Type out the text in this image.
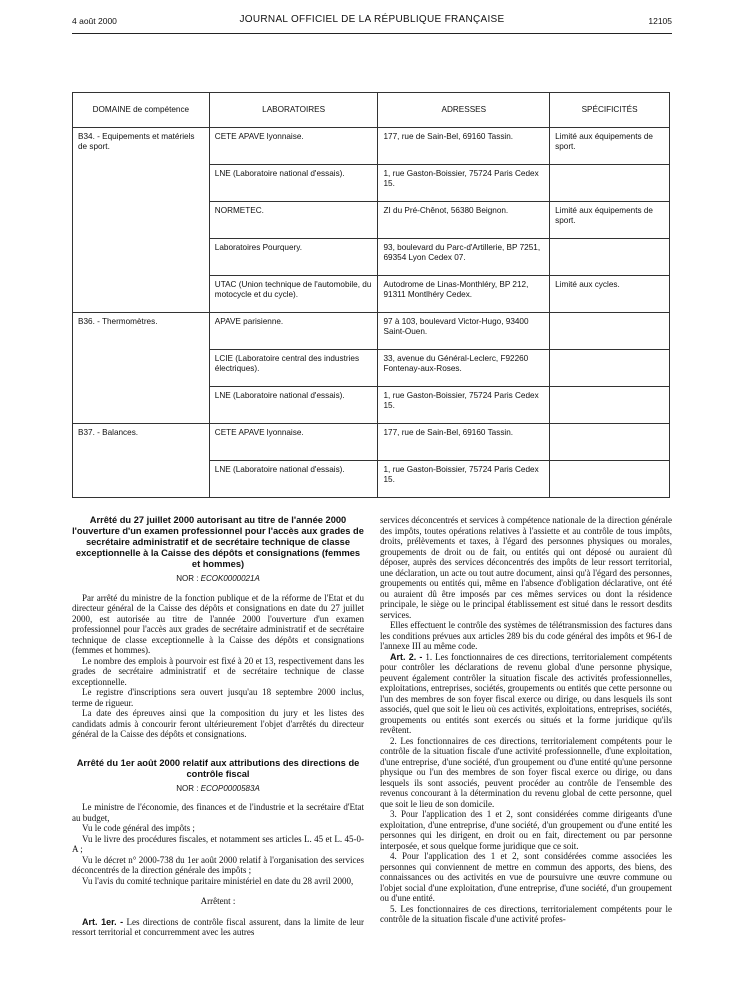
4 août 2000	JOURNAL OFFICIEL DE LA RÉPUBLIQUE FRANÇAISE	12105
DOMAINE de compétence	LABORATOIRES	ADRESSES	SPÉCIFICITÉS
B34. - Equipements et matériels de sport.	CETE APAVE lyonnaise.	177, rue de Sain-Bel, 69160 Tassin.	Limité aux équipements de sport.
	LNE (Laboratoire national d'essais).	1, rue Gaston-Boissier, 75724 Paris Cedex 15.	
	NORMETEC.	ZI du Pré-Chênot, 56380 Beignon.	Limité aux équipements de sport.
	Laboratoires Pourquery.	93, boulevard du Parc-d'Artillerie, BP 7251, 69354 Lyon Cedex 07.	
	UTAC (Union technique de l'automobile, du motocycle et du cycle).	Autodrome de Linas-Monthléry, BP 212, 91311 Montlhéry Cedex.	Limité aux cycles.
B36. - Thermomètres.	APAVE parisienne.	97 à 103, boulevard Victor-Hugo, 93400 Saint-Ouen.	
	LCIE (Laboratoire central des industries électriques).	33, avenue du Général-Leclerc, F92260 Fontenay-aux-Roses.	
	LNE (Laboratoire national d'essais).	1, rue Gaston-Boissier, 75724 Paris Cedex 15.	
B37. - Balances.	CETE APAVE lyonnaise.	177, rue de Sain-Bel, 69160 Tassin.	
	LNE (Laboratoire national d'essais).	1, rue Gaston-Boissier, 75724 Paris Cedex 15.	

Arrêté du 27 juillet 2000 autorisant au titre de l'année 2000 l'ouverture d'un examen professionnel pour l'accès aux grades de secrétaire administratif et de secrétaire technique de classe exceptionnelle à la Caisse des dépôts et consignations (femmes et hommes)

NOR : ECOK0000021A

Par arrêté du ministre de la fonction publique et de la réforme de l'Etat et du directeur général de la Caisse des dépôts et consignations en date du 27 juillet 2000, est autorisée au titre de l'année 2000 l'ouverture d'un examen professionnel pour l'accès aux grades de secrétaire administratif et de secrétaire technique de classe exceptionnelle à la Caisse des dépôts et consignations (femmes et hommes).

Le nombre des emplois à pourvoir est fixé à 20 et 13, respectivement dans les grades de secrétaire administratif et de secrétaire technique de classe exceptionnelle.

Le registre d'inscriptions sera ouvert jusqu'au 18 septembre 2000 inclus, terme de rigueur.

La date des épreuves ainsi que la composition du jury et les listes des candidats admis à concourir feront ultérieurement l'objet d'arrêtés du directeur général de la Caisse des dépôts et consignations.

Arrêté du 1er août 2000 relatif aux attributions des directions de contrôle fiscal

NOR : ECOP0000583A

Le ministre de l'économie, des finances et de l'industrie et la secrétaire d'Etat au budget,

Vu le code général des impôts ;

Vu le livre des procédures fiscales, et notamment ses articles L. 45 et L. 45-0-A ;

Vu le décret n° 2000-738 du 1er août 2000 relatif à l'organisation des services déconcentrés de la direction générale des impôts ;

Vu l'avis du comité technique paritaire ministériel en date du 28 avril 2000,

Arrêtent :

Art. 1er. - Les directions de contrôle fiscal assurent, dans la limite de leur ressort territorial et concurremment avec les autres

services déconcentrés et services à compétence nationale de la direction générale des impôts, toutes opérations relatives à l'assiette et au contrôle de tous impôts, droits, prélèvements et taxes, à l'égard des personnes physiques ou morales, groupements de droit ou de fait, ou entités qui ont déposé ou auraient dû déposer, auprès des services déconcentrés des impôts de leur ressort territorial, une déclaration, un acte ou tout autre document, ainsi qu'à l'égard des personnes, groupements ou entités qui, même en l'absence d'obligation déclarative, ont été ou auraient dû être imposés par ces mêmes services ou dont la résidence principale, le siège ou le principal établissement est situé dans le ressort desdits services.

Elles effectuent le contrôle des systèmes de télétransmission des factures dans les conditions prévues aux articles 289 bis du code général des impôts et 96-I de l'annexe III au même code.

Art. 2. - 1. Les fonctionnaires de ces directions, territorialement compétents pour contrôler les déclarations de revenu global d'une personne physique, peuvent également contrôler la situation fiscale des activités professionnelles, exploitations, entreprises, sociétés, groupements ou entités que cette personne ou l'un des membres de son foyer fiscal exerce ou dirige, ou dans lesquels ils sont associés, quel que soit le lieu où ces activités, exploitations, entreprises, sociétés, groupements ou entités sont exercés ou situés et la forme juridique qu'ils revêtent.

2. Les fonctionnaires de ces directions, territorialement compétents pour le contrôle de la situation fiscale d'une activité professionnelle, d'une exploitation, d'une entreprise, d'une société, d'un groupement ou d'une entité qu'une personne physique ou l'un des membres de son foyer fiscal exerce ou dirige, ou dans lesquels ils sont associés, peuvent procéder au contrôle de l'ensemble des revenus concourant à la détermination du revenu global de cette personne, quel que soit le lieu de son domicile.

3. Pour l'application des 1 et 2, sont considérées comme dirigeants d'une exploitation, d'une entreprise, d'une société, d'un groupement ou d'une entité les personnes qui les dirigent, en droit ou en fait, directement ou par personne interposée, et sous quelque forme juridique que ce soit.

4. Pour l'application des 1 et 2, sont considérées comme associées les personnes qui conviennent de mettre en commun des apports, des biens, des connaissances ou des activités en vue de poursuivre une œuvre commune ou l'objet social d'une exploitation, d'une entreprise, d'une société, d'un groupement ou d'une entité.

5. Les fonctionnaires de ces directions, territorialement compétents pour le contrôle de la situation fiscale d'une activité profes-
